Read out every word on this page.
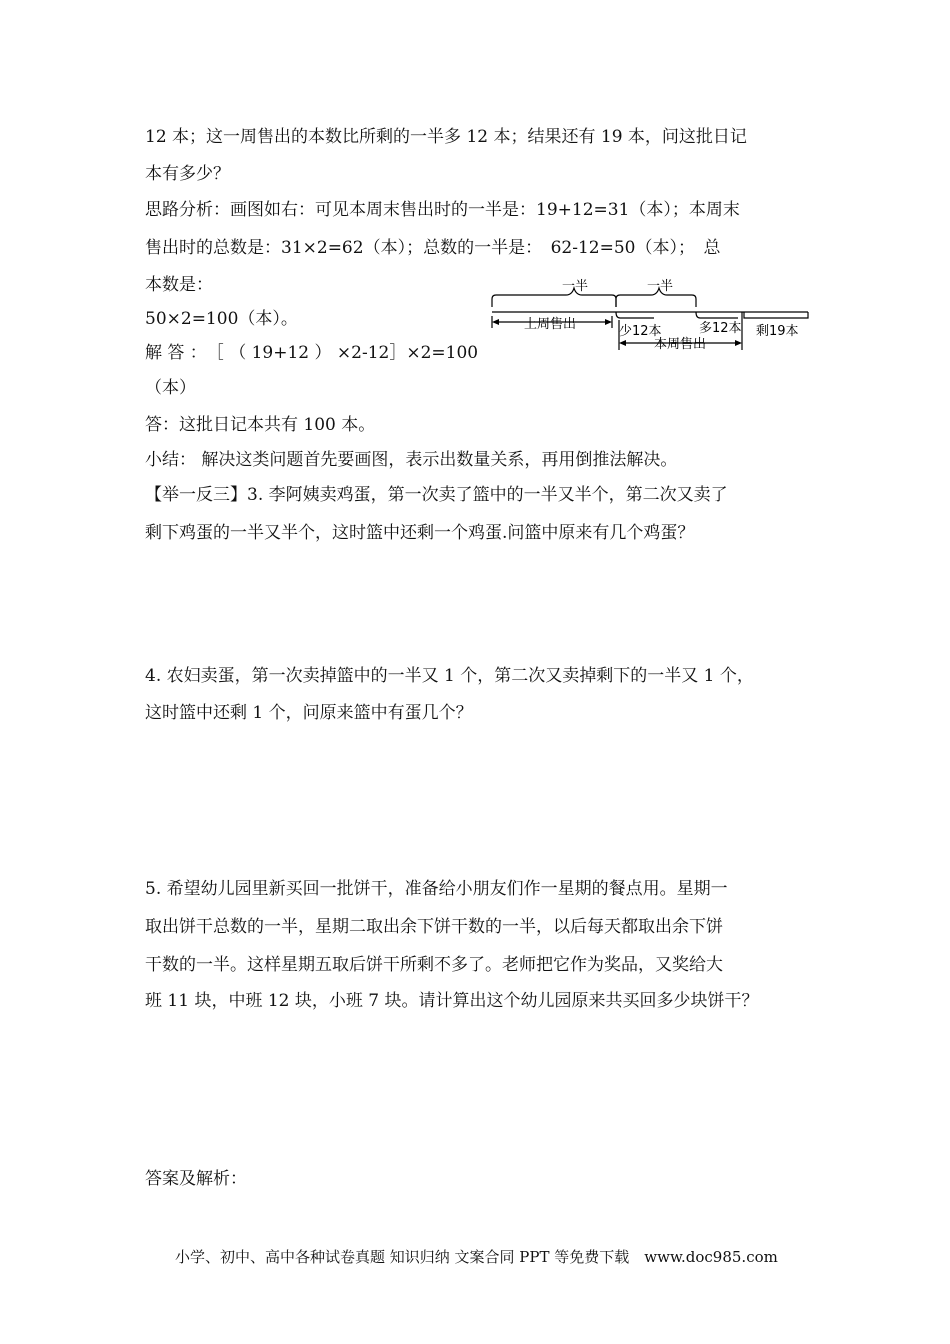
12 本；这一周售出的本数比所剩的一半多 12 本；结果还有 19 本，问这批日记
本有多少？
思路分析：画图如右：可见本周末售出时的一半是：19+12=31（本）；本周末
售出时的总数是：31×2=62（本）；总数的一半是：　62-12=50（本）；　总
本数是：
50×2=100（本）。
解 答 ：　［ （ 19+12 ） ×2-12］×2=100
（本）
答：这批日记本共有 100 本。
小结： 解决这类问题首先要画图，表示出数量关系，再用倒推法解决。
【举一反三】3. 李阿姨卖鸡蛋，第一次卖了篮中的一半又半个，第二次又卖了
剩下鸡蛋的一半又半个，这时篮中还剩一个鸡蛋.问篮中原来有几个鸡蛋？
4. 农妇卖蛋，第一次卖掉篮中的一半又 1 个，第二次又卖掉剩下的一半又 1 个，
这时篮中还剩 1 个，问原来篮中有蛋几个？
5. 希望幼儿园里新买回一批饼干，准备给小朋友们作一星期的餐点用。星期一
取出饼干总数的一半，星期二取出余下饼干数的一半，以后每天都取出余下饼
干数的一半。这样星期五取后饼干所剩不多了。老师把它作为奖品，又奖给大
班 11 块，中班 12 块，小班 7 块。请计算出这个幼儿园原来共买回多少块饼干？
答案及解析：
一半	一半
上周售出	少12本	多12本 剩19本
本周售出
小学、初中、高中各种试卷真题 知识归纳 文案合同 PPT 等免费下载　www.doc985.com
